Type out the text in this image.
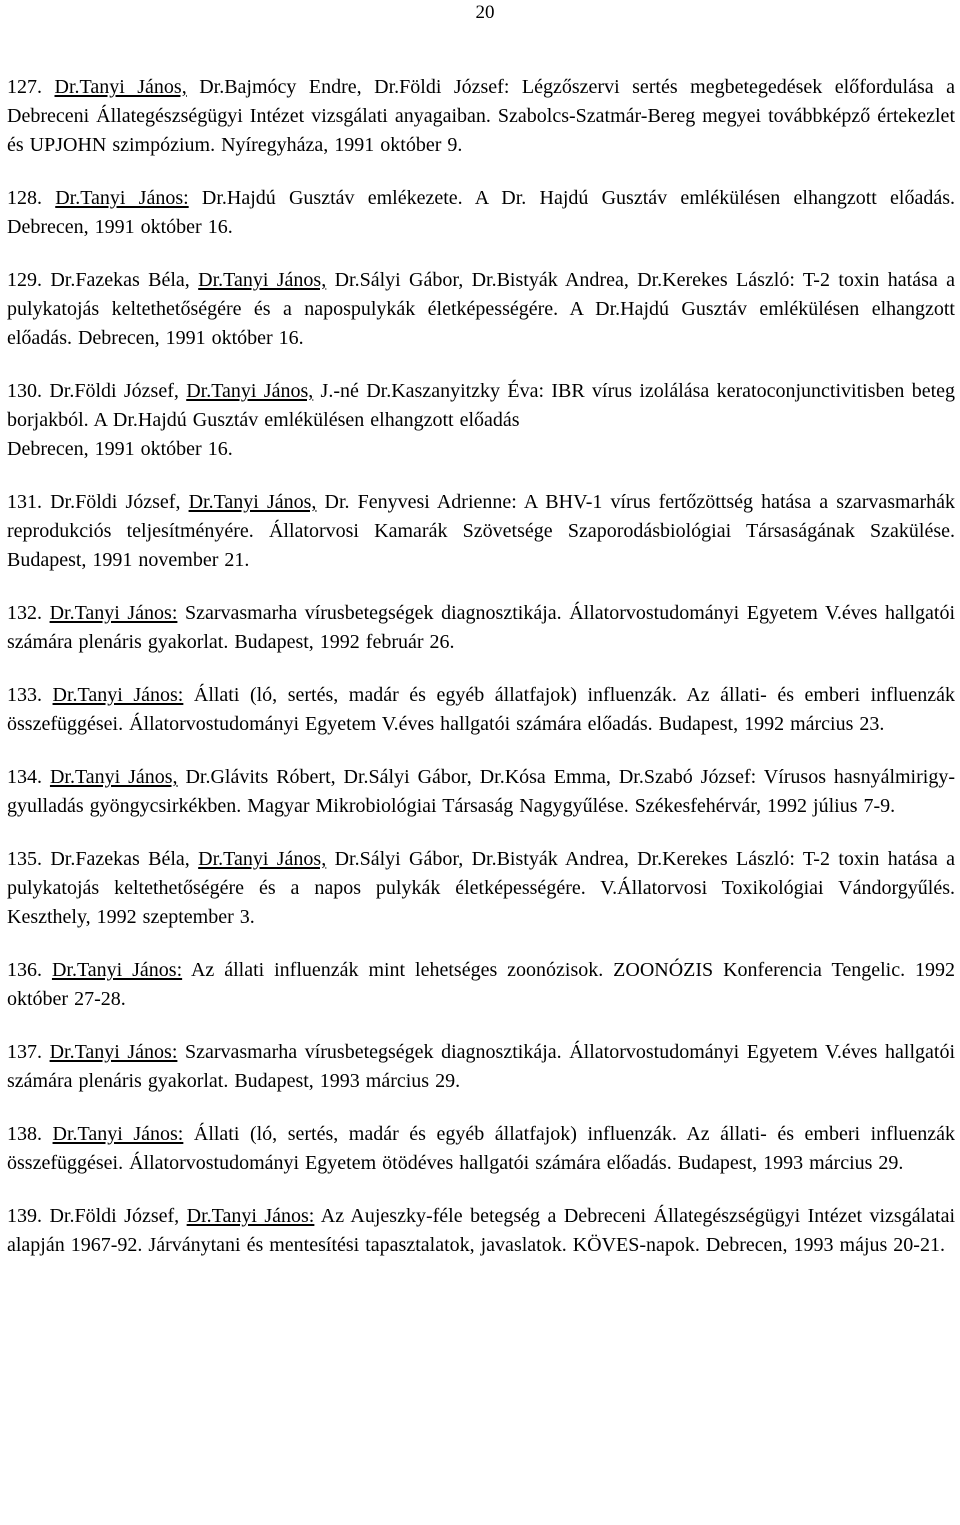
20

127. Dr.Tanyi János, Dr.Bajmócy Endre, Dr.Földi József: Légzőszervi sertés megbetegedések előfordulása a Debreceni Állategészségügyi Intézet vizsgálati anyagaiban. Szabolcs-Szatmár-Bereg megyei továbbképző értekezlet és UPJOHN szimpózium. Nyíregyháza, 1991 október 9.

128. Dr.Tanyi János: Dr.Hajdú Gusztáv emlékezete. A Dr. Hajdú Gusztáv emlékülésen elhangzott előadás. Debrecen, 1991 október 16.

129. Dr.Fazekas Béla, Dr.Tanyi János, Dr.Sályi Gábor, Dr.Bistyák Andrea, Dr.Kerekes László: T-2 toxin hatása a pulykatojás keltethetőségére és a napospulykák életképességére. A Dr.Hajdú Gusztáv emlékülésen elhangzott előadás. Debrecen, 1991 október 16.

130. Dr.Földi József, Dr.Tanyi János, J.-né Dr.Kaszanyitzky Éva: IBR vírus izolálása keratoconjunctivitisben beteg borjakból. A Dr.Hajdú Gusztáv emlékülésen elhangzott előadás
Debrecen, 1991 október 16.

131. Dr.Földi József, Dr.Tanyi János, Dr. Fenyvesi Adrienne: A BHV-1 vírus fertőzöttség hatása a szarvasmarhák reprodukciós teljesítményére. Állatorvosi Kamarák Szövetsége Szaporodásbiológiai Társaságának Szakülése. Budapest, 1991 november 21.

132. Dr.Tanyi János: Szarvasmarha vírusbetegségek diagnosztikája. Állatorvostudományi Egyetem V.éves hallgatói számára plenáris gyakorlat. Budapest, 1992 február 26.

133. Dr.Tanyi János: Állati (ló, sertés, madár és egyéb állatfajok) influenzák. Az állati- és emberi influenzák összefüggései. Állatorvostudományi Egyetem V.éves hallgatói számára előadás. Budapest, 1992 március 23.

134. Dr.Tanyi János, Dr.Glávits Róbert, Dr.Sályi Gábor, Dr.Kósa Emma, Dr.Szabó József: Vírusos hasnyálmirigy-gyulladás gyöngycsirkékben. Magyar Mikrobiológiai Társaság Nagygyűlése. Székesfehérvár, 1992 július 7-9.

135. Dr.Fazekas Béla, Dr.Tanyi János, Dr.Sályi Gábor, Dr.Bistyák Andrea, Dr.Kerekes László: T-2 toxin hatása a pulykatojás keltethetőségére és a napos pulykák életképességére. V.Állatorvosi Toxikológiai Vándorgyűlés. Keszthely, 1992 szeptember 3.

136. Dr.Tanyi János: Az állati influenzák mint lehetséges zoonózisok. ZOONÓZIS Konferencia Tengelic. 1992 október 27-28.

137. Dr.Tanyi János: Szarvasmarha vírusbetegségek diagnosztikája. Állatorvostudományi Egyetem V.éves hallgatói számára plenáris gyakorlat. Budapest, 1993 március 29.

138. Dr.Tanyi János: Állati (ló, sertés, madár és egyéb állatfajok) influenzák. Az állati- és emberi influenzák összefüggései. Állatorvostudományi Egyetem ötödéves hallgatói számára előadás. Budapest, 1993 március 29.

139. Dr.Földi József, Dr.Tanyi János: Az Aujeszky-féle betegség a Debreceni Állategészségügyi Intézet vizsgálatai alapján 1967-92. Járványtani és mentesítési tapasztalatok, javaslatok. KÖVES-napok. Debrecen, 1993 május 20-21.
